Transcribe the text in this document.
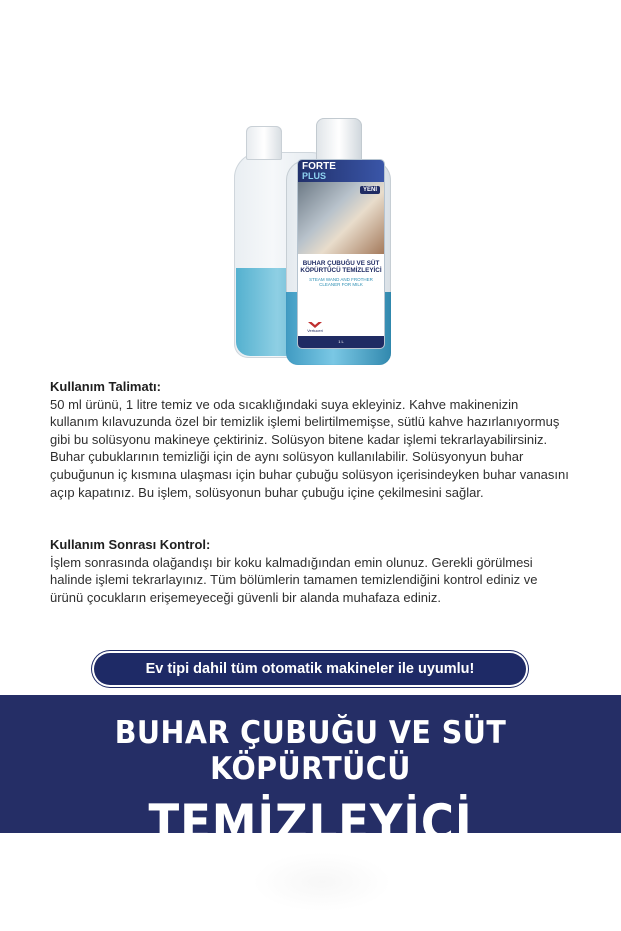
FORTE
PLUS
YENİ
BUHAR ÇUBUĞU VE SÜT KÖPÜRTÜCÜ TEMİZLEYİCİ
STEAM WAND AND FROTHER CLEANER FOR MILK
Vertuceri
1 L
Kullanım Talimatı:

50 ml ürünü, 1 litre temiz ve oda sıcaklığındaki suya ekleyiniz. Kahve makinenizin kullanım kılavuzunda özel bir temizlik işlemi belirtilmemişse, sütlü kahve hazırlanıyormuş gibi bu solüsyonu makineye çektiriniz. Solüsyon bitene kadar işlemi tekrarlayabilirsiniz.

Buhar çubuklarının temizliği için de aynı solüsyon kullanılabilir. Solüsyonyun buhar çubuğunun iç kısmına ulaşması için buhar çubuğu solüsyon içerisindeyken buhar vanasını açıp kapatınız. Bu işlem, solüsyonun buhar çubuğu içine çekilmesini sağlar.

Kullanım Sonrası Kontrol:

İşlem sonrasında olağandışı bir koku kalmadığından emin olunuz. Gerekli görülmesi halinde işlemi tekrarlayınız. Tüm bölümlerin tamamen temizlendiğini kontrol ediniz ve ürünü çocukların erişemeyeceği güvenli bir alanda muhafaza ediniz.

Ev tipi dahil tüm otomatik makineler ile uyumlu!
BUHAR ÇUBUĞU VE SÜT KÖPÜRTÜCÜ
TEMİZLEYİCİ
